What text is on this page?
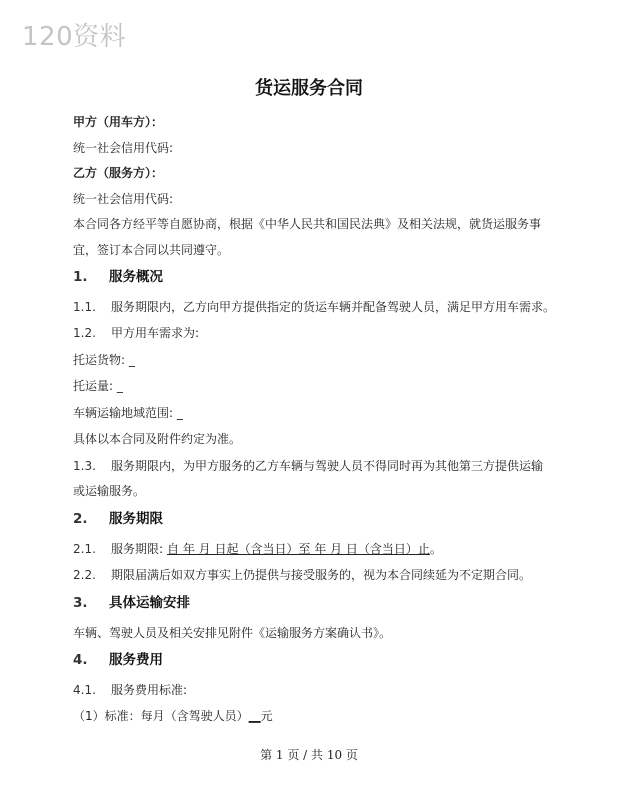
120资料
货运服务合同
甲方（用车方）：
统一社会信用代码:
乙方（服务方）：
统一社会信用代码:
本合同各方经平等自愿协商，根据《中华人民共和国民法典》及相关法规，就货运服务事
宜，签订本合同以共同遵守。
1. 服务概况
1.1. 服务期限内，乙方向甲方提供指定的货运车辆并配备驾驶人员，满足甲方用车需求。
1.2. 甲方用车需求为:
托运货物: _
托运量: _
车辆运输地域范围: _
具体以本合同及附件约定为准。
1.3. 服务期限内，为甲方服务的乙方车辆与驾驶人员不得同时再为其他第三方提供运输
或运输服务。
2. 服务期限
2.1. 服务期限: 自 年 月 日起（含当日）至 年 月 日（含当日）止。
2.2. 期限届满后如双方事实上仍提供与接受服务的，视为本合同续延为不定期合同。
3. 具体运输安排
车辆、驾驶人员及相关安排见附件《运输服务方案确认书》。
4. 服务费用
4.1. 服务费用标准:
（1）标准：每月（含驾驶人员）__元
第 1 页 / 共 10 页
